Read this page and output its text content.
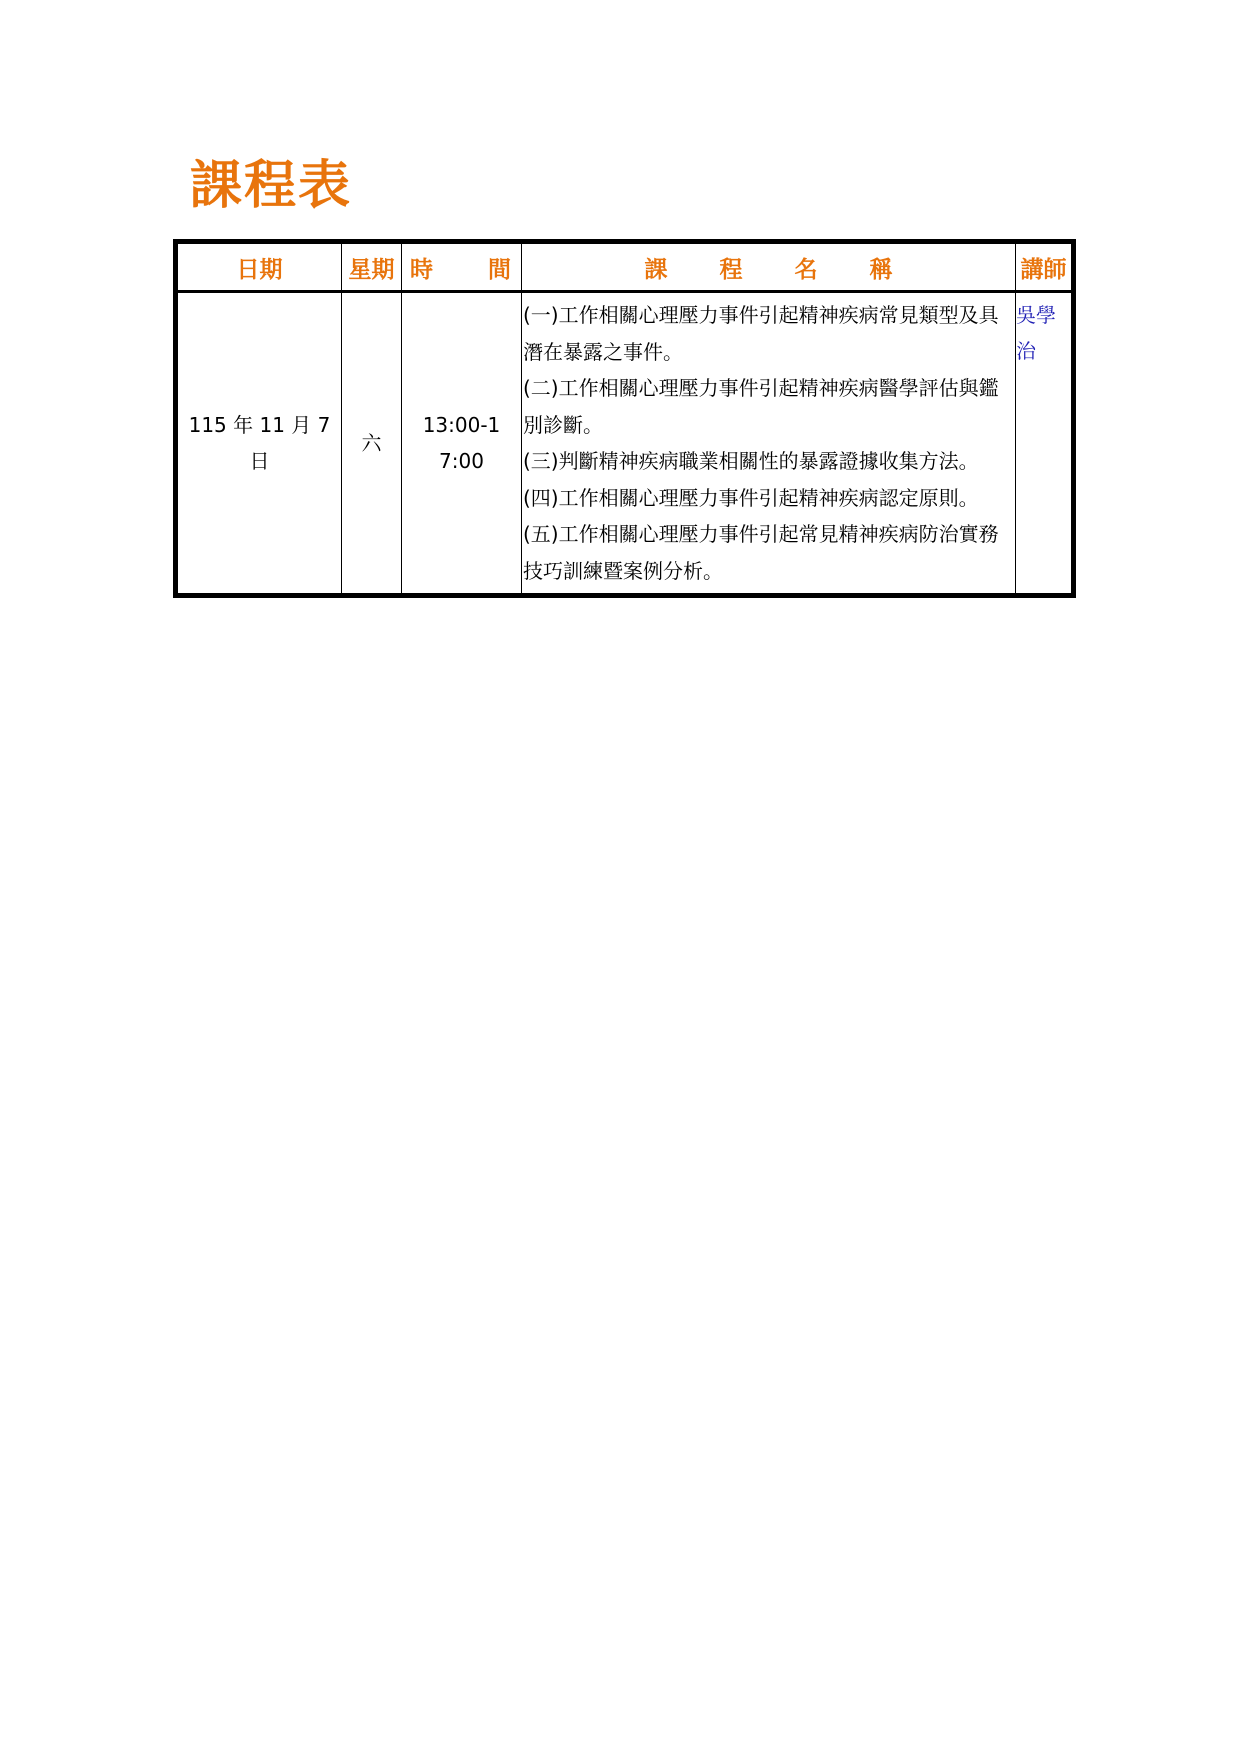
課程表
日期	星期	時 間	課 程 名 稱	講師
115 年 11 月 7 日	六	13:00-17:00	(一)工作相關心理壓力事件引起精神疾病常見類型及具潛在暴露之事件。
(二)工作相關心理壓力事件引起精神疾病醫學評估與鑑別診斷。
(三)判斷精神疾病職業相關性的暴露證據收集方法。
(四)工作相關心理壓力事件引起精神疾病認定原則。
(五)工作相關心理壓力事件引起常見精神疾病防治實務技巧訓練暨案例分析。	吳學治
